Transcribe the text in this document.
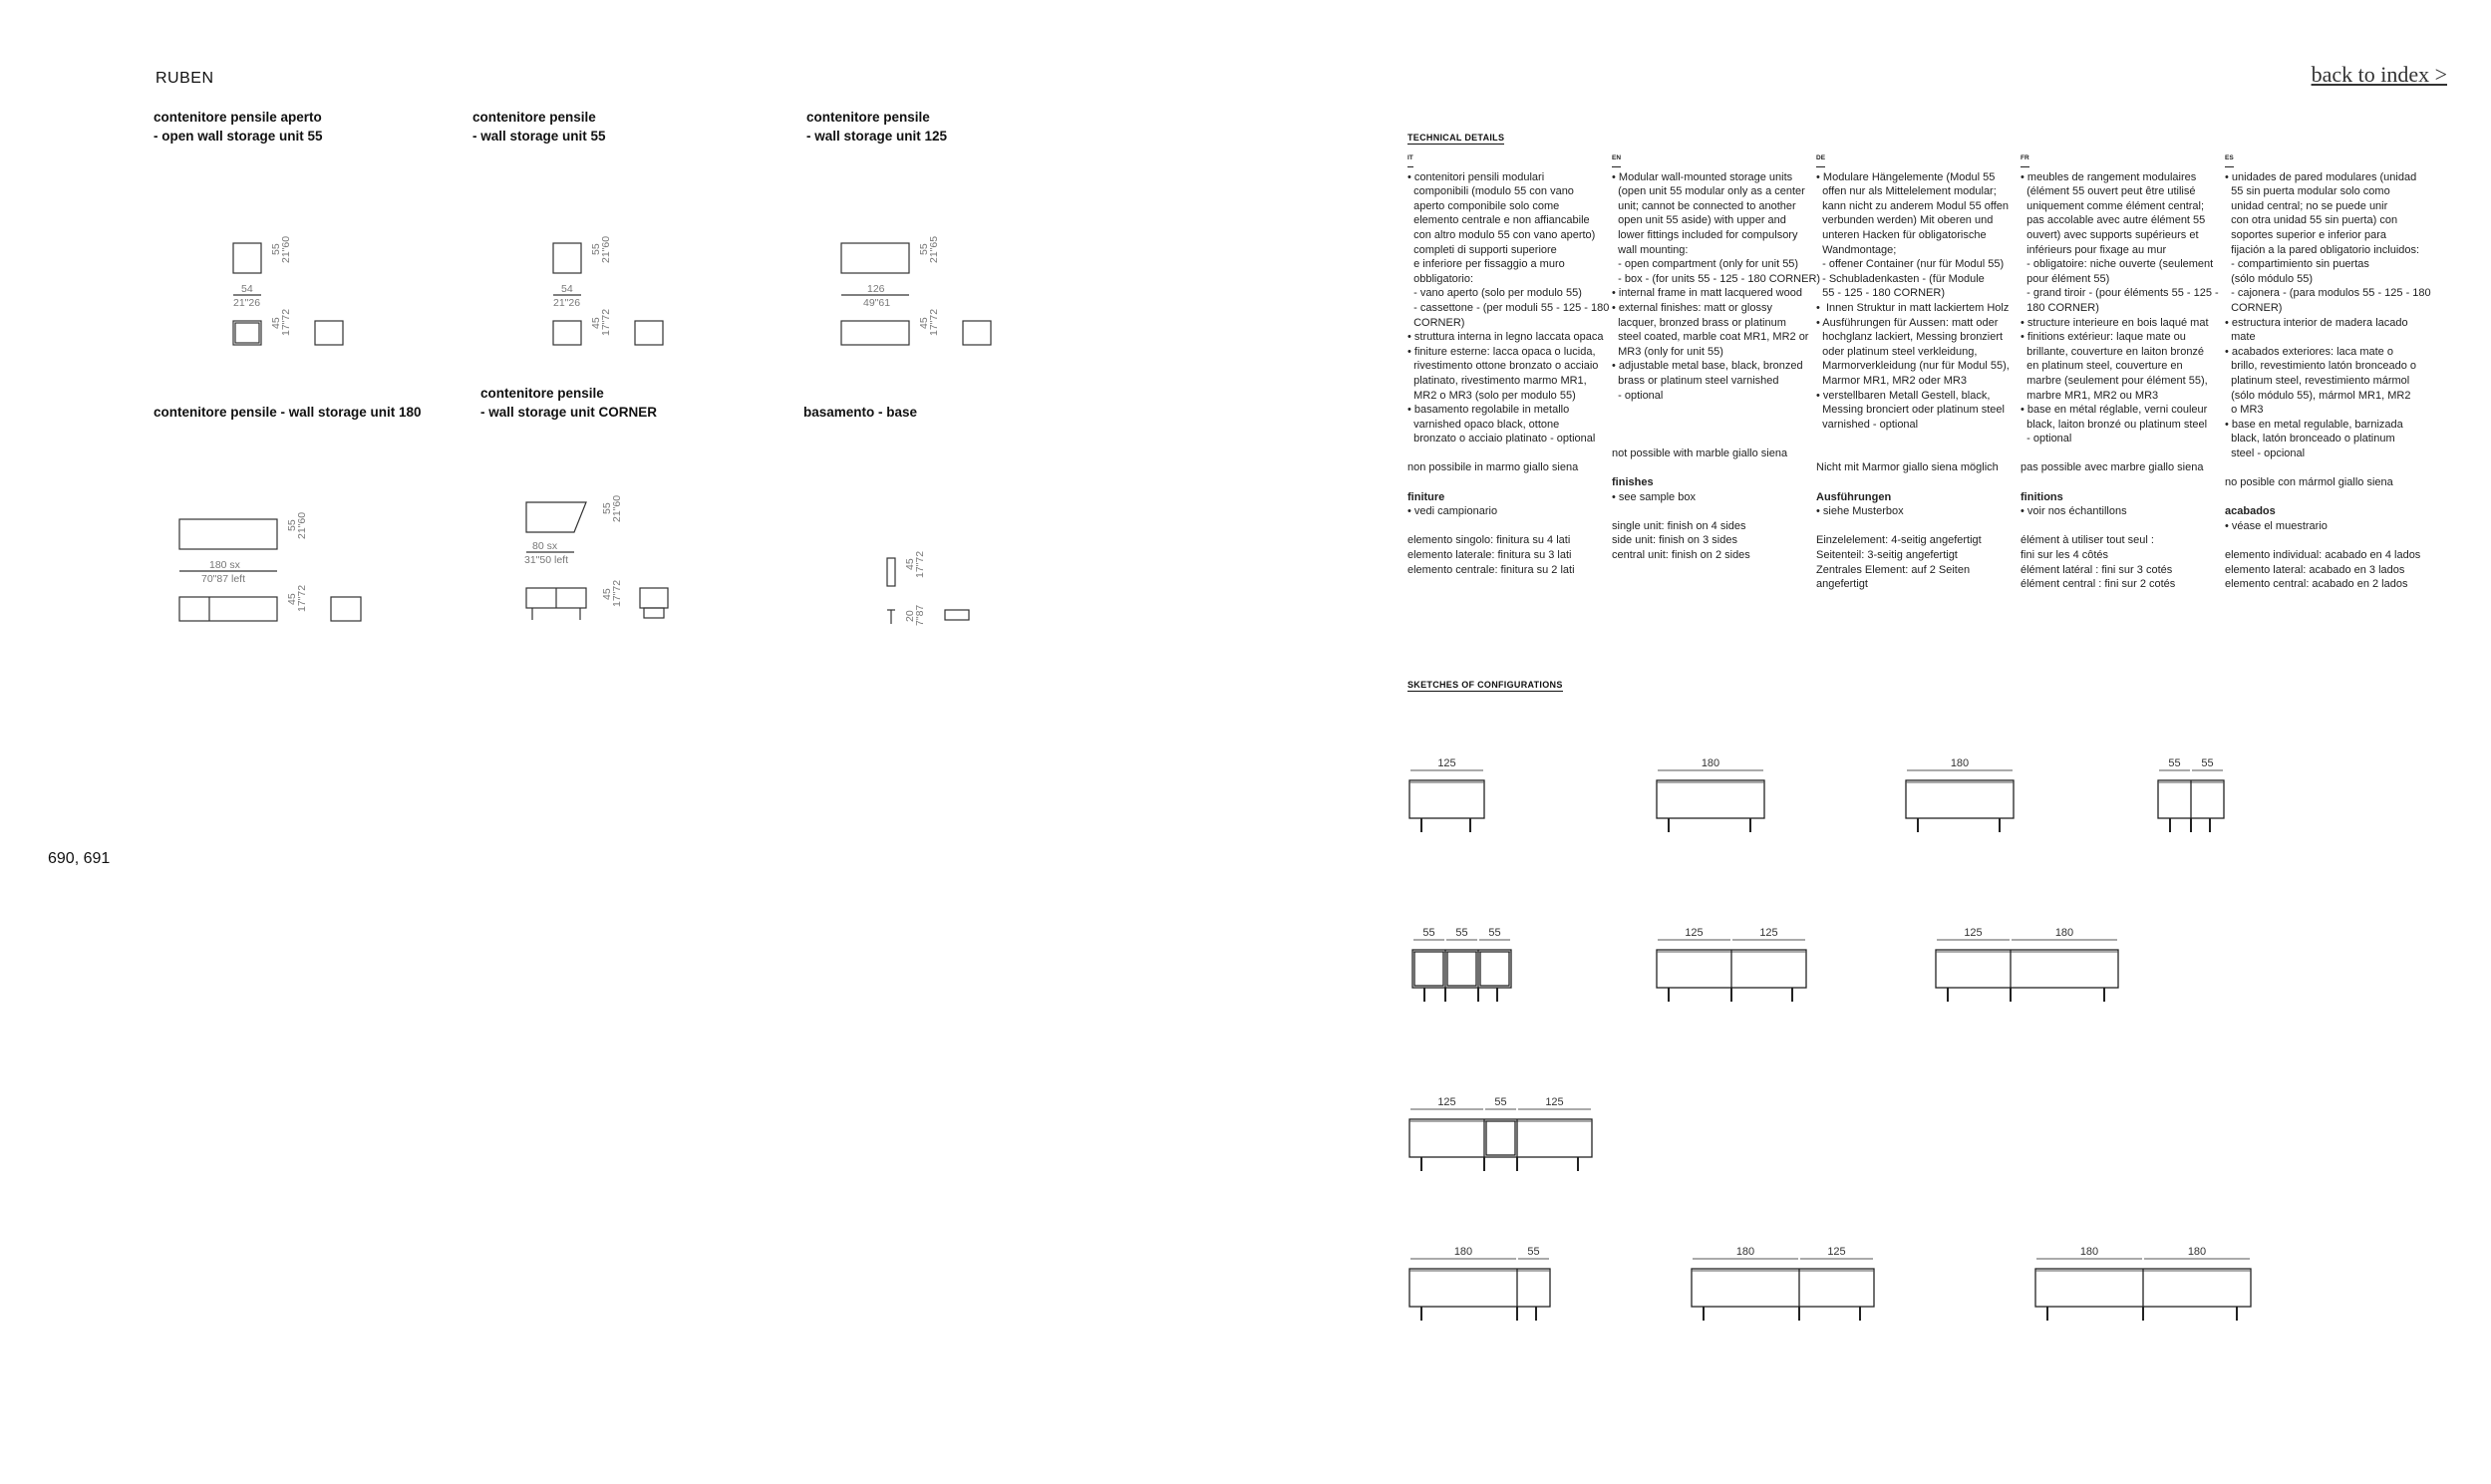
RUBEN	back to index >
690, 691
contenitore pensile aperto
- open wall storage unit 55
contenitore pensile
- wall storage unit 55
contenitore pensile
- wall storage unit 125
contenitore pensile - wall storage unit 180
contenitore pensile
- wall storage unit CORNER	basamento - base
55
21"60
54
21"26
45
17"72
55
21"60
54
21"26
45
17"72
55
21"65
126
49"61
45
17"72
55
21"60
180 sx
70"87 left
45
17"72
55
21"60
80 sx
31"50 left
45
17"72
45
17"72
20
7"87
TECHNICAL DETAILS
IT
• contenitori pensili modulari
componibili (modulo 55 con vano
aperto componibile solo come
elemento centrale e non affiancabile
con altro modulo 55 con vano aperto)
completi di supporti superiore
e inferiore per fissaggio a muro
obbligatorio:
- vano aperto (solo per modulo 55)
- cassettone - (per moduli 55 - 125 - 180
CORNER)
• struttura interna in legno laccata opaca
• finiture esterne: lacca opaca o lucida,
rivestimento ottone bronzato o acciaio
platinato, rivestimento marmo MR1,
MR2 o MR3 (solo per modulo 55)
• basamento regolabile in metallo
varnished opaco black, ottone
bronzato o acciaio platinato - optional
non possibile in marmo giallo siena
finiture
• vedi campionario
elemento singolo: finitura su 4 lati
elemento laterale: finitura su 3 lati
elemento centrale: finitura su 2 lati
EN
• Modular wall-mounted storage units
(open unit 55 modular only as a center
unit; cannot be connected to another
open unit 55 aside) with upper and
lower fittings included for compulsory
wall mounting:
- open compartment (only for unit 55)
- box - (for units 55 - 125 - 180 CORNER)
• internal frame in matt lacquered wood
• external finishes: matt or glossy
lacquer, bronzed brass or platinum
steel coated, marble coat MR1, MR2 or
MR3 (only for unit 55)
• adjustable metal base, black, bronzed
brass or platinum steel varnished
- optional
not possible with marble giallo siena
finishes
• see sample box
single unit: finish on 4 sides
side unit: finish on 3 sides
central unit: finish on 2 sides
DE
• Modulare Hängelemente (Modul 55
offen nur als Mittelelement modular;
kann nicht zu anderem Modul 55 offen
verbunden werden) Mit oberen und
unteren Hacken für obligatorische
Wandmontage;
- offener Container (nur für Modul 55)
- Schubladenkasten - (für Module
55 - 125 - 180 CORNER)
•  Innen Struktur in matt lackiertem Holz
• Ausführungen für Aussen: matt oder
hochglanz lackiert, Messing bronziert
oder platinum steel verkleidung,
Marmorverkleidung (nur für Modul 55),
Marmor MR1, MR2 oder MR3
• verstellbaren Metall Gestell, black,
Messing bronciert oder platinum steel
varnished - optional
Nicht mit Marmor giallo siena möglich
Ausführungen
• siehe Musterbox
Einzelelement: 4-seitig angefertigt
Seitenteil: 3-seitig angefertigt
Zentrales Element: auf 2 Seiten
angefertigt
FR
• meubles de rangement modulaires
(élément 55 ouvert peut être utilisé
uniquement comme élément central;
pas accolable avec autre élément 55
ouvert) avec supports supérieurs et
inférieurs pour fixage au mur
- obligatoire: niche ouverte (seulement
pour élément 55)
- grand tiroir - (pour éléments 55 - 125 -
180 CORNER)
• structure interieure en bois laqué mat
• finitions extérieur: laque mate ou
brillante, couverture en laiton bronzé
en platinum steel, couverture en
marbre (seulement pour élément 55),
marbre MR1, MR2 ou MR3
• base en métal réglable, verni couleur
black, laiton bronzé ou platinum steel
- optional
pas possible avec marbre giallo siena
finitions
• voir nos échantillons
élément à utiliser tout seul :
fini sur les 4 côtés
élément latéral : fini sur 3 cotés
élément central : fini sur 2 cotés
ES
• unidades de pared modulares (unidad
55 sin puerta modular solo como
unidad central; no se puede unir
con otra unidad 55 sin puerta) con
soportes superior e inferior para
fijación a la pared obligatorio incluidos:
- compartimiento sin puertas
(sólo módulo 55)
- cajonera - (para modulos 55 - 125 - 180
CORNER)
• estructura interior de madera lacado
mate
• acabados exteriores: laca mate o
brillo, revestimiento latón bronceado o
platinum steel, revestimiento mármol
(sólo módulo 55), mármol MR1, MR2
o MR3
• base en metal regulable, barnizada
black, latón bronceado o platinum
steel - opcional
no posible con mármol giallo siena
acabados
• véase el muestrario
elemento individual: acabado en 4 lados
elemento lateral: acabado en 3 lados
elemento central: acabado en 2 lados
SKETCHES OF CONFIGURATIONS
125	180	180	55 55
55 55 55	125	125	125	180
125	55	125
180	55	180	125	180	180
